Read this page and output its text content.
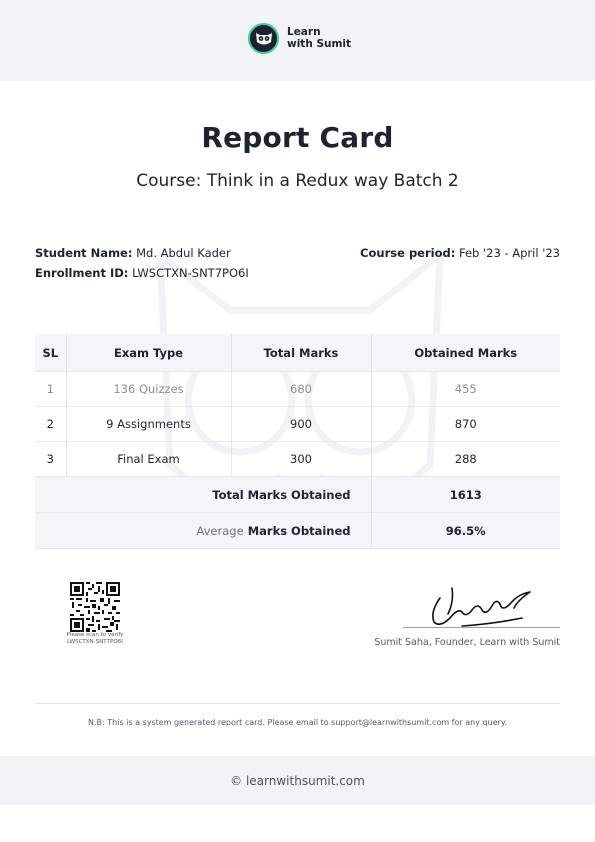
Learn
with Sumit
Report Card
Course: Think in a Redux way Batch 2
Student Name: Md. Abdul Kader
Enrollment ID: LWSCTXN-SNT7PO6I
Course period: Feb '23 - April '23
SL	Exam Type	Total Marks	Obtained Marks
1	136 Quizzes	680	455
2	9 Assignments	900	870
3	Final Exam	300	288
Total Marks Obtained			1613
Average Marks Obtained			96.5%
Please scan to verify
LWSCTXN-SNT7PO6I	Sumit Saha, Founder, Learn with Sumit
N.B: This is a system generated report card. Please email to support@learnwithsumit.com for any query.
© learnwithsumit.com
